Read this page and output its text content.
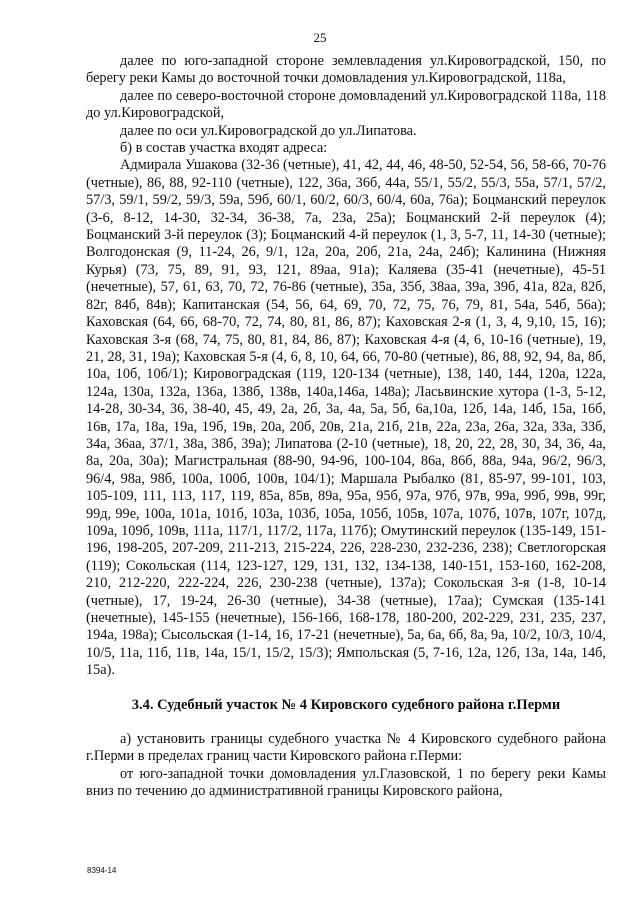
25

далее по юго-западной стороне землевладения ул.Кировоградской, 150, по берегу реки Камы до восточной точки домовладения ул.Кировоградской, 118а,

далее по северо-восточной стороне домовладений ул.Кировоградской 118а, 118 до ул.Кировоградской,

далее по оси ул.Кировоградской до ул.Липатова.

б) в состав участка входят адреса:

Адмирала Ушакова (32-36 (четные), 41, 42, 44, 46, 48-50, 52-54, 56, 58-66, 70-76 (четные), 86, 88, 92-110 (четные), 122, 36а, 36б, 44а, 55/1, 55/2, 55/3, 55а, 57/1, 57/2, 57/3, 59/1, 59/2, 59/3, 59а, 59б, 60/1, 60/2, 60/3, 60/4, 60а, 76а); Боцманский переулок (3-6, 8-12, 14-30, 32-34, 36-38, 7а, 23а, 25а); Боцманский 2-й переулок (4); Боцманский 3-й переулок (3); Боцманский 4-й переулок (1, 3, 5-7, 11, 14-30 (четные); Волгодонская (9, 11-24, 26, 9/1, 12а, 20а, 20б, 21а, 24а, 24б); Калинина (Нижняя Курья) (73, 75, 89, 91, 93, 121, 89аа, 91а); Каляева (35-41 (нечетные), 45-51 (нечетные), 57, 61, 63, 70, 72, 76-86 (четные), 35а, 35б, 38аа, 39а, 39б, 41а, 82а, 82б, 82г, 84б, 84в); Капитанская (54, 56, 64, 69, 70, 72, 75, 76, 79, 81, 54а, 54б, 56а); Каховская (64, 66, 68-70, 72, 74, 80, 81, 86, 87); Каховская 2-я (1, 3, 4, 9,10, 15, 16); Каховская 3-я (68, 74, 75, 80, 81, 84, 86, 87); Каховская 4-я (4, 6, 10-16 (четные), 19, 21, 28, 31, 19а); Каховская 5-я (4, 6, 8, 10, 64, 66, 70-80 (четные), 86, 88, 92, 94, 8а, 8б, 10а, 10б, 10б/1); Кировоградская (119, 120-134 (четные), 138, 140, 144, 120а, 122а, 124а, 130а, 132а, 136а, 138б, 138в, 140а,146а, 148а); Ласьвинские хутора (1-3, 5-12, 14-28, 30-34, 36, 38-40, 45, 49, 2а, 2б, 3а, 4а, 5а, 5б, 6а,10а, 12б, 14а, 14б, 15а, 16б, 16в, 17а, 18а, 19а, 19б, 19в, 20а, 20б, 20в, 21а, 21б, 21в, 22а, 23а, 26а, 32а, 33а, 33б, 34а, 36аа, 37/1, 38а, 38б, 39а); Липатова (2-10 (четные), 18, 20, 22, 28, 30, 34, 36, 4а, 8а, 20а, 30а); Магистральная (88-90, 94-96, 100-104, 86а, 86б, 88а, 94а, 96/2, 96/3, 96/4, 98а, 98б, 100а, 100б, 100в, 104/1); Маршала Рыбалко (81, 85-97, 99-101, 103, 105-109, 111, 113, 117, 119, 85а, 85в, 89а, 95а, 95б, 97а, 97б, 97в, 99а, 99б, 99в, 99г, 99д, 99е, 100а, 101а, 101б, 103а, 103б, 105а, 105б, 105в, 107а, 107б, 107в, 107г, 107д, 109а, 109б, 109в, 111а, 117/1, 117/2, 117а, 117б); Омутинский переулок (135-149, 151-196, 198-205, 207-209, 211-213, 215-224, 226, 228-230, 232-236, 238); Светлогорская (119); Сокольская (114, 123-127, 129, 131, 132, 134-138, 140-151, 153-160, 162-208, 210, 212-220, 222-224, 226, 230-238 (четные), 137а); Сокольская 3-я (1-8, 10-14 (четные), 17, 19-24, 26-30 (четные), 34-38 (четные), 17аа); Сумская (135-141 (нечетные), 145-155 (нечетные), 156-166, 168-178, 180-200, 202-229, 231, 235, 237, 194а, 198а); Сысольская (1-14, 16, 17-21 (нечетные), 5а, 6а, 6б, 8а, 9а, 10/2, 10/3, 10/4, 10/5, 11а, 11б, 11в, 14а, 15/1, 15/2, 15/3); Ямпольская (5, 7-16, 12а, 12б, 13а, 14а, 14б, 15а).

3.4. Судебный участок № 4 Кировского судебного района г.Перми

а) установить границы судебного участка № 4 Кировского судебного района г.Перми в пределах границ части Кировского района г.Перми:

от юго-западной точки домовладения ул.Глазовской, 1 по берегу реки Камы вниз по течению до административной границы Кировского района,

8394-14
